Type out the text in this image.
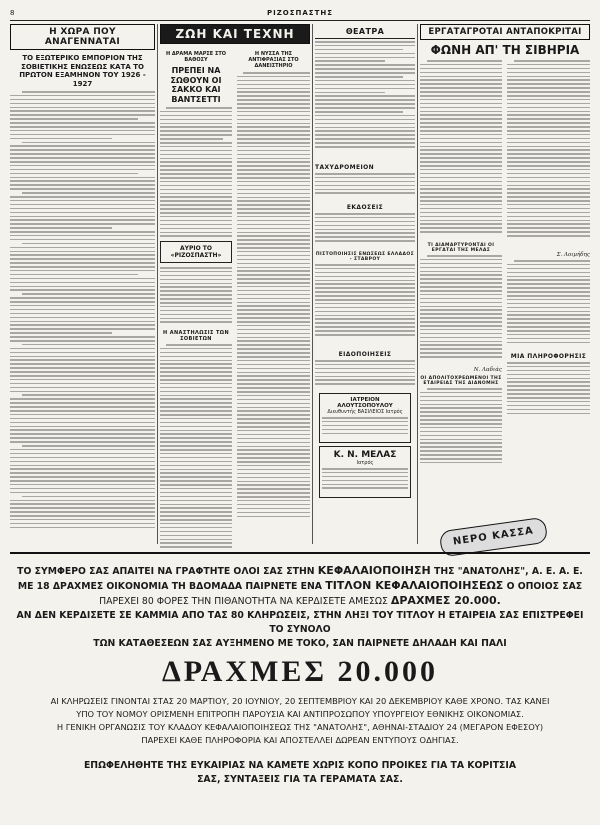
8	ΡΙΖΟΣΠΑΣΤΗΣ
Η ΧΩΡΑ ΠΟΥ ΑΝΑΓΕΝΝΑΤΑΙ
ΤΟ ΕΞΩΤΕΡΙΚΟ ΕΜΠΟΡΙΟΝ ΤΗΣ ΣΟΒΙΕΤΙΚΗΣ ΕΝΩΣΕΩΣ ΚΑΤΑ ΤΟ ΠΡΩΤΟΝ ΕΞΑΜΗΝΟΝ ΤΟΥ 1926 - 1927
ΖΩΗ ΚΑΙ ΤΕΧΝΗ
Η ΔΡΑΜΑ ΜΑΡΣΕ ΣΤΟ ΒΑΘΟΣΥ
ΠΡΕΠΕΙ ΝΑ ΣΩΘΟΥΝ ΟΙ ΣΑΚΚΟ ΚΑΙ ΒΑΝΤΣΕΤΤΙ
ΑΥΡΙΟ ΤΟ «ΡΙΖΟΣΠΑΣΤΗ»
Η ΑΝΑΣΤΗΛΩΣΙΣ ΤΩΝ ΣΟΒΙΕΤΩΝ
Η ΝΥΣΣΑ ΤΗΣ ΑΝΤΙΦΡΑΞΙΑΣ ΣΤΟ ΔΑΝΕΙΣΤΗΡΙΟ
ΘΕΑΤΡΑ
ΤΑΧΥΔΡΟΜΕΙΟΝ
ΕΚΔΟΣΕΙΣ
ΠΙΣΤΟΠΟΙΗΣΙΣ ΕΝΩΣΕΩΣ ΕΛΛΑΔΟΣ - ΣΤΑΒΡΟΥ
ΕΙΔΟΠΟΙΗΣΕΙΣ
ΙΑΤΡΕΙΟΝ ΑΛΟΥΤΣΟΠΟΥΛΟΥ
Διευθυντής ΒΑΣΙΛΕΙΟΣ Ιατρός
Κ. Ν. ΜΕΛΑΣ
Ιατρός
ΕΡΓΑΤΑΓΡΟΤΑΙ ΑΝΤΑΠΟΚΡΙΤΑΙ
ΦΩΝΗ ΑΠ' ΤΗ ΣΙΒΗΡΙΑ
ΤΙ ΔΙΑΜΑΡΤΥΡΟΝΤΑΙ ΟΙ ΕΡΓΑΤΑΙ ΤΗΣ ΜΕΛΑΣ
Ν. Λαδιάς
ΟΙ ΑΠΟΛΙΤΟΧΡΕΩΜΕΝΟΙ ΤΗΣ ΕΤΑΙΡΕΙΑΣ ΤΗΣ ΔΙΑΝΟΜΗΣ
Σ. Λοιμήδης
ΜΙΑ ΠΛΗΡΟΦΟΡΗΣΙΣ
ΝΕΡΟ ΚΑΣΣΑ

ΤΟ ΣΥΜΦΕΡΟ ΣΑΣ ΑΠΑΙΤΕΙ ΝΑ ΓΡΑΦΤΗΤΕ ΟΛΟΙ ΣΑΣ ΣΤΗΝ ΚΕΦΑΛΑΙΟΠΟΙΗΣΗ ΤΗΣ "ΑΝΑΤΟΛΗΣ", Α. Ε. Α. Ε.

ΜΕ 18 ΔΡΑΧΜΕΣ ΟΙΚΟΝΟΜΙΑ ΤΗ ΒΔΟΜΑΔΑ ΠΑΙΡΝΕΤΕ ΕΝΑ ΤΙΤΛΟΝ ΚΕΦΑΛΑΙΟΠΟΙΗΣΕΩΣ Ο ΟΠΟΙΟΣ ΣΑΣ

ΠΑΡΕΧΕΙ 80 ΦΟΡΕΣ ΤΗΝ ΠΙΘΑΝΟΤΗΤΑ ΝΑ ΚΕΡΔΙΣΕΤΕ ΑΜΕΣΩΣ ΔΡΑΧΜΕΣ 20.000.

ΑΝ ΔΕΝ ΚΕΡΔΙΣΕΤΕ ΣΕ ΚΑΜΜΙΑ ΑΠΟ ΤΑΣ 80 ΚΛΗΡΩΣΕΙΣ, ΣΤΗΝ ΛΗΞΙ ΤΟΥ ΤΙΤΛΟΥ Η ΕΤΑΙΡΕΙΑ ΣΑΣ ΕΠΙΣΤΡΕΦΕΙ ΤΟ ΣΥΝΟΛΟ

ΤΩΝ ΚΑΤΑΘΕΣΕΩΝ ΣΑΣ ΑΥΞΗΜΕΝΟ ΜΕ ΤΟΚΟ, ΣΑΝ ΠΑΙΡΝΕΤΕ ΔΗΛΑΔΗ ΚΑΙ ΠΑΛΙ

ΔΡΑΧΜΕΣ 20.000

ΑΙ ΚΛΗΡΩΣΕΙΣ ΓΙΝΟΝΤΑΙ ΣΤΑΣ 20 ΜΑΡΤΙΟΥ, 20 ΙΟΥΝΙΟΥ, 20 ΣΕΠΤΕΜΒΡΙΟΥ ΚΑΙ 20 ΔΕΚΕΜΒΡΙΟΥ ΚΑΘΕ ΧΡΟΝΟ. ΤΑΣ ΚΑΝΕΙ

ΥΠΟ ΤΟΥ ΝΟΜΟΥ ΟΡΙΣΜΕΝΗ ΕΠΙΤΡΟΠΗ ΠΑΡΟΥΣΙΑ ΚΑΙ ΑΝΤΙΠΡΟΣΩΠΟΥ ΥΠΟΥΡΓΕΙΟΥ ΕΘΝΙΚΗΣ ΟΙΚΟΝΟΜΙΑΣ.

Η ΓΕΝΙΚΗ ΟΡΓΑΝΩΣΙΣ ΤΟΥ ΚΛΑΔΟΥ ΚΕΦΑΛΑΙΟΠΟΙΗΣΕΩΣ ΤΗΣ "ΑΝΑΤΟΛΗΣ", ΑΘΗΝΑΙ-ΣΤΑΔΙΟΥ 24 (ΜΕΓΑΡΟΝ ΕΦΕΣΟΥ)

ΠΑΡΕΧΕΙ ΚΑΘΕ ΠΛΗΡΟΦΟΡΙΑ ΚΑΙ ΑΠΟΣΤΕΛΛΕΙ ΔΩΡΕΑΝ ΕΝΤΥΠΟΥΣ ΟΔΗΓΙΑΣ.

ΕΠΩΦΕΛΗΘΗΤΕ ΤΗΣ ΕΥΚΑΙΡΙΑΣ ΝΑ ΚΑΜΕΤΕ ΧΩΡΙΣ ΚΟΠΟ ΠΡΟΙΚΕΣ ΓΙΑ ΤΑ ΚΟΡΙΤΣΙΑ

ΣΑΣ, ΣΥΝΤΑΞΕΙΣ ΓΙΑ ΤΑ ΓΕΡΑΜΑΤΑ ΣΑΣ.
